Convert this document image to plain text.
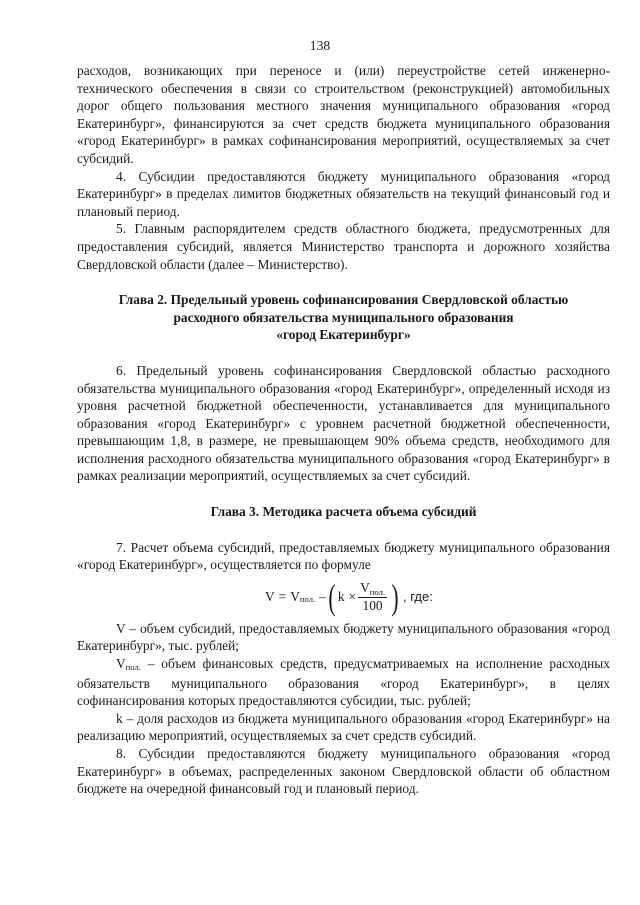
138

расходов, возникающих при переносе и (или) переустройстве сетей инженерно-технического обеспечения в связи со строительством (реконструкцией) автомобильных дорог общего пользования местного значения муниципального образования «город Екатеринбург», финансируются за счет средств бюджета муниципального образования «город Екатеринбург» в рамках софинансирования мероприятий, осуществляемых за счет субсидий.

4. Субсидии предоставляются бюджету муниципального образования «город Екатеринбург» в пределах лимитов бюджетных обязательств на текущий финансовый год и плановый период.

5. Главным распорядителем средств областного бюджета, предусмотренных для предоставления субсидий, является Министерство транспорта и дорожного хозяйства Свердловской области (далее – Министерство).

Глава 2. Предельный уровень софинансирования Свердловской областью
расходного обязательства муниципального образования
«город Екатеринбург»

6. Предельный уровень софинансирования Свердловской областью расходного обязательства муниципального образования «город Екатеринбург», определенный исходя из уровня расчетной бюджетной обеспеченности, устанавливается для муниципального образования «город Екатеринбург» с уровнем расчетной бюджетной обеспеченности, превышающим 1,8, в размере, не превышающем 90% объема средств, необходимого для исполнения расходного обязательства муниципального образования «город Екатеринбург» в рамках реализации мероприятий, осуществляемых за счет субсидий.

Глава 3. Методика расчета объема субсидий

7. Расчет объема субсидий, предоставляемых бюджету муниципального образования «город Екатеринбург», осуществляется по формуле

V = V пол. – ( $k \times \frac{V_{пол.}}{100}$ ) , где:

V – объем субсидий, предоставляемых бюджету муниципального образования «город Екатеринбург», тыс. рублей;

Vпол. – объем финансовых средств, предусматриваемых на исполнение расходных обязательств муниципального образования «город Екатеринбург», в целях софинансирования которых предоставляются субсидии, тыс. рублей;

k – доля расходов из бюджета муниципального образования «город Екатеринбург» на реализацию мероприятий, осуществляемых за счет средств субсидий.

8. Субсидии предоставляются бюджету муниципального образования «город Екатеринбург» в объемах, распределенных законом Свердловской области об областном бюджете на очередной финансовый год и плановый период.
